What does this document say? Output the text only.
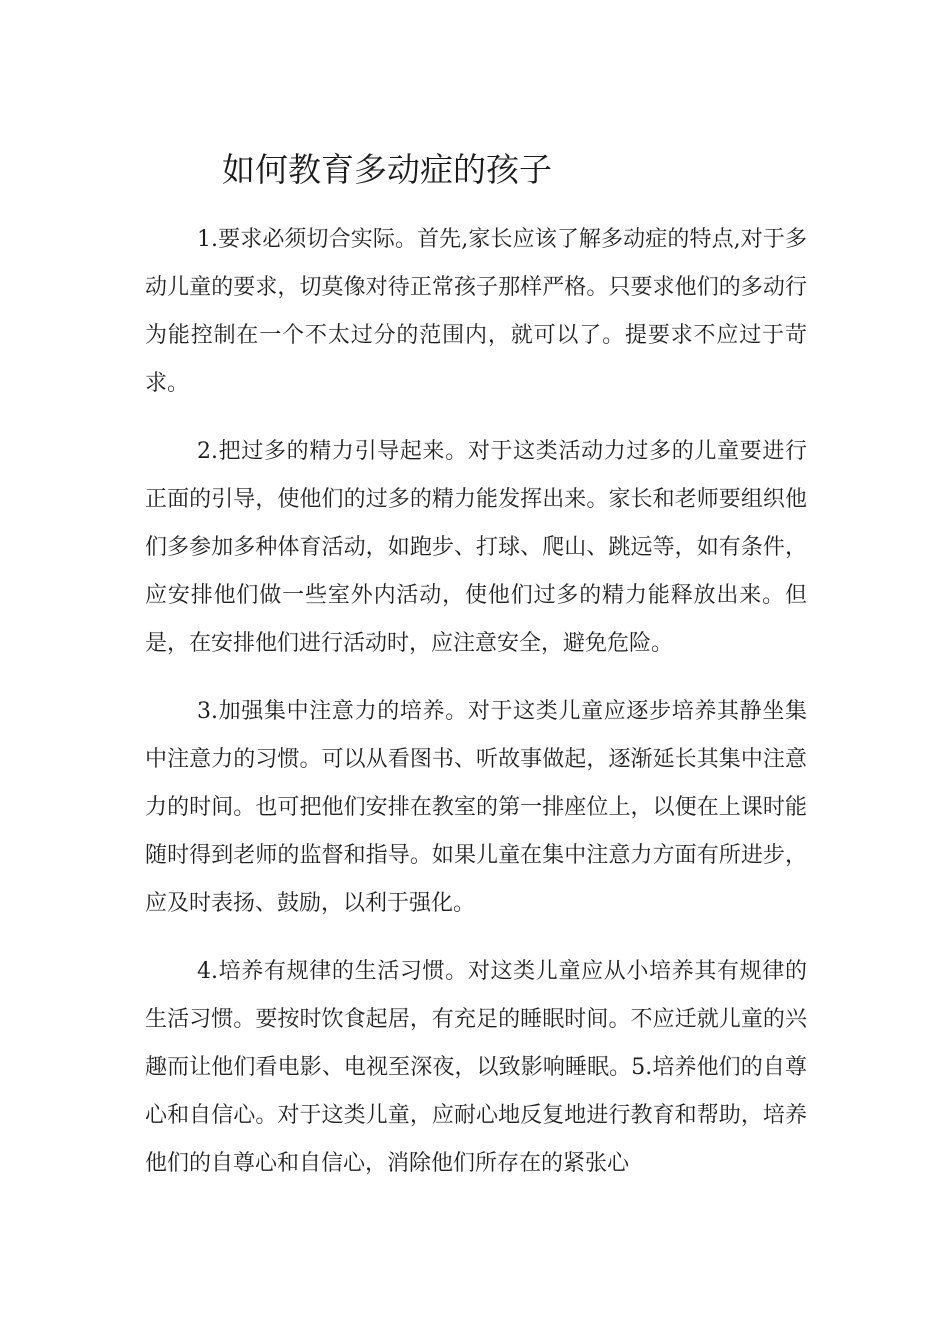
如何教育多动症的孩子

1.要求必须切合实际。首先,家长应该了解多动症的特点,对于多动儿童的要求，切莫像对待正常孩子那样严格。只要求他们的多动行为能控制在一个不太过分的范围内，就可以了。提要求不应过于苛求。

2.把过多的精力引导起来。对于这类活动力过多的儿童要进行正面的引导，使他们的过多的精力能发挥出来。家长和老师要组织他们多参加多种体育活动，如跑步、打球、爬山、跳远等，如有条件，应安排他们做一些室外内活动，使他们过多的精力能释放出来。但是，在安排他们进行活动时，应注意安全，避免危险。

3.加强集中注意力的培养。对于这类儿童应逐步培养其静坐集中注意力的习惯。可以从看图书、听故事做起，逐渐延长其集中注意力的时间。也可把他们安排在教室的第一排座位上，以便在上课时能随时得到老师的监督和指导。如果儿童在集中注意力方面有所进步，应及时表扬、鼓励，以利于强化。

4.培养有规律的生活习惯。对这类儿童应从小培养其有规律的生活习惯。要按时饮食起居，有充足的睡眠时间。不应迁就儿童的兴趣而让他们看电影、电视至深夜，以致影响睡眠。5.培养他们的自尊心和自信心。对于这类儿童，应耐心地反复地进行教育和帮助，培养他们的自尊心和自信心，消除他们所存在的紧张心
